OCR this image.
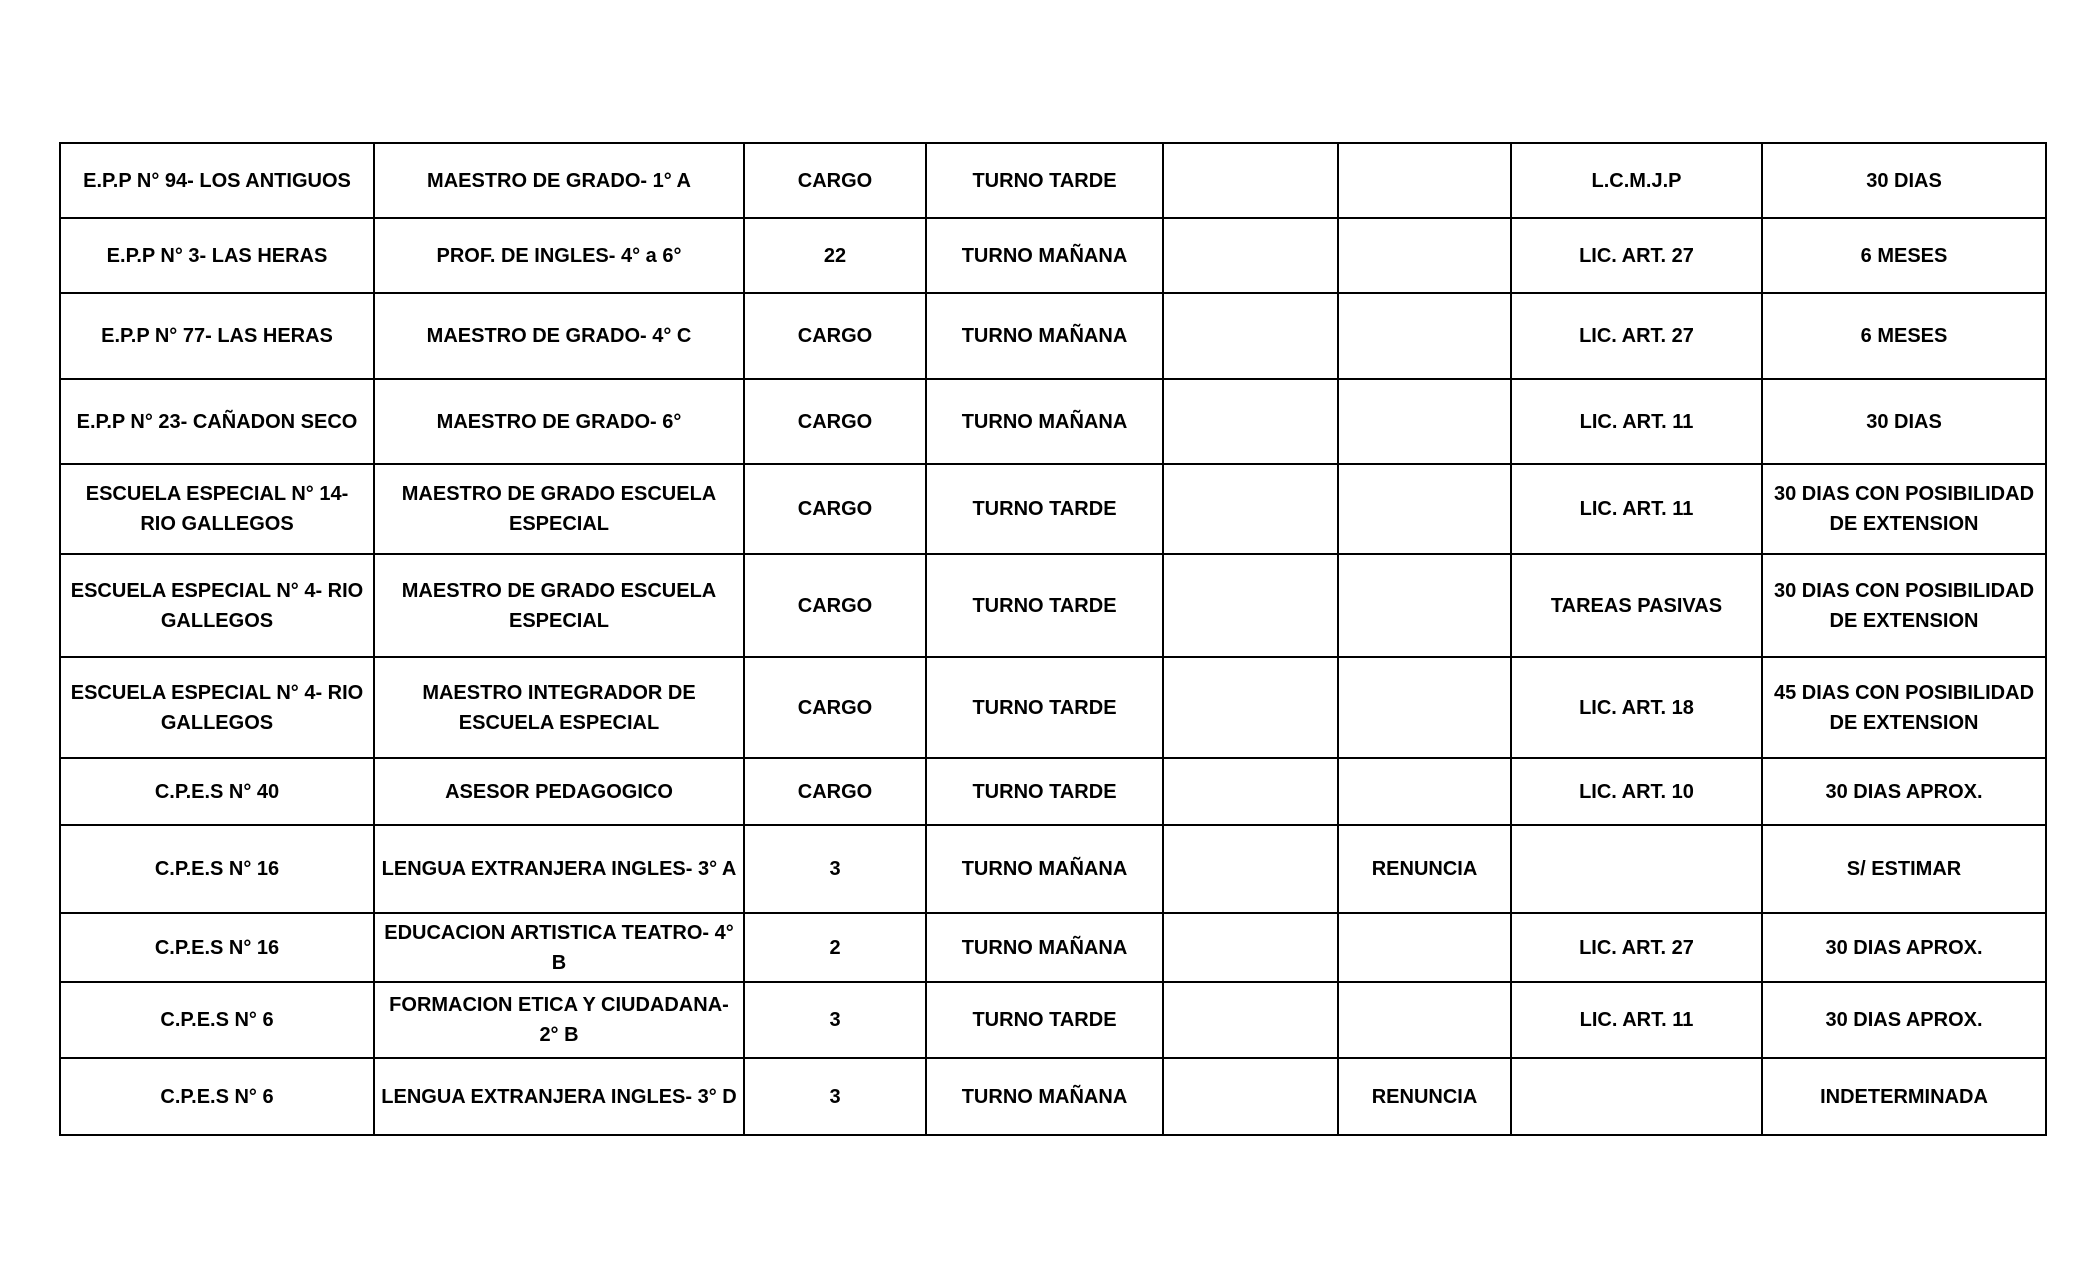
E.P.P N° 94- LOS ANTIGUOS	MAESTRO DE GRADO- 1° A	CARGO	TURNO TARDE			L.C.M.J.P	30 DIAS
E.P.P N° 3- LAS HERAS	PROF. DE INGLES- 4° a 6°	22	TURNO MAÑANA			LIC. ART. 27	6 MESES
E.P.P N° 77- LAS HERAS	MAESTRO DE GRADO- 4° C	CARGO	TURNO MAÑANA			LIC. ART. 27	6 MESES
E.P.P N° 23- CAÑADON SECO	MAESTRO DE GRADO- 6°	CARGO	TURNO MAÑANA			LIC. ART. 11	30 DIAS
ESCUELA ESPECIAL N° 14- RIO GALLEGOS	MAESTRO DE GRADO ESCUELA ESPECIAL	CARGO	TURNO TARDE			LIC. ART. 11	30 DIAS CON POSIBILIDAD DE EXTENSION
ESCUELA ESPECIAL N° 4- RIO GALLEGOS	MAESTRO DE GRADO ESCUELA ESPECIAL	CARGO	TURNO TARDE			TAREAS PASIVAS	30 DIAS CON POSIBILIDAD DE EXTENSION
ESCUELA ESPECIAL N° 4- RIO GALLEGOS	MAESTRO INTEGRADOR DE ESCUELA ESPECIAL	CARGO	TURNO TARDE			LIC. ART. 18	45 DIAS CON POSIBILIDAD DE EXTENSION
C.P.E.S N° 40	ASESOR PEDAGOGICO	CARGO	TURNO TARDE			LIC. ART. 10	30 DIAS APROX.
C.P.E.S N° 16	LENGUA EXTRANJERA INGLES- 3° A	3	TURNO MAÑANA		RENUNCIA		S/ ESTIMAR
C.P.E.S N° 16	EDUCACION ARTISTICA TEATRO- 4° B	2	TURNO MAÑANA			LIC. ART. 27	30 DIAS APROX.
C.P.E.S N° 6	FORMACION ETICA Y CIUDADANA- 2° B	3	TURNO TARDE			LIC. ART. 11	30 DIAS APROX.
C.P.E.S N° 6	LENGUA EXTRANJERA INGLES- 3° D	3	TURNO MAÑANA		RENUNCIA		INDETERMINADA
